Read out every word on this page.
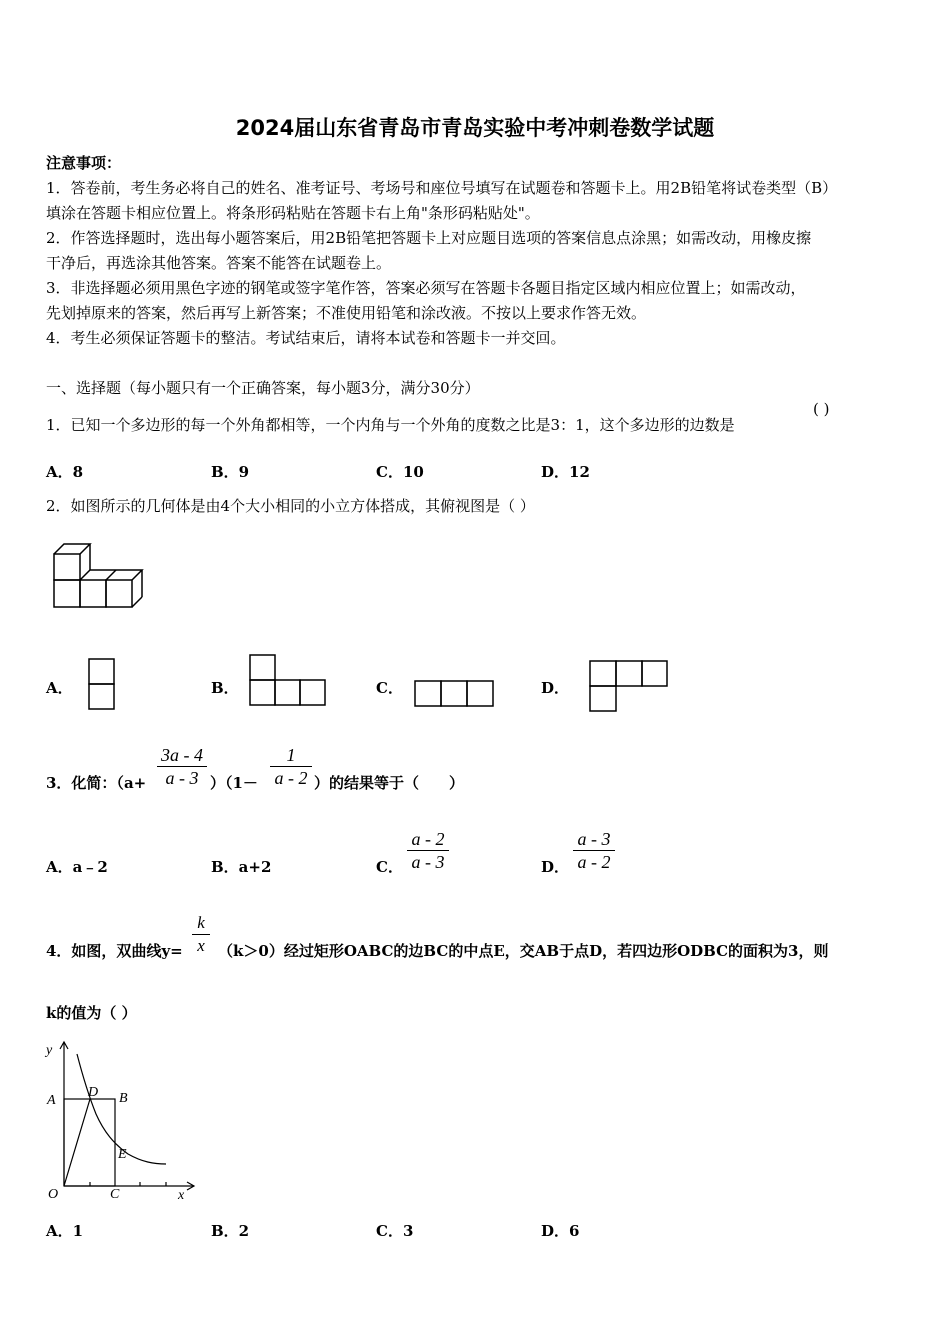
2024届山东省青岛市青岛实验中考冲刺卷数学试题
注意事项：
1．答卷前，考生务必将自己的姓名、准考证号、考场号和座位号填写在试题卷和答题卡上。用2B铅笔将试卷类型（B）
填涂在答题卡相应位置上。将条形码粘贴在答题卡右上角"条形码粘贴处"。
2．作答选择题时，选出每小题答案后，用2B铅笔把答题卡上对应题目选项的答案信息点涂黑；如需改动，用橡皮擦
干净后，再选涂其他答案。答案不能答在试题卷上。
3．非选择题必须用黑色字迹的钢笔或签字笔作答，答案必须写在答题卡各题目指定区域内相应位置上；如需改动，
先划掉原来的答案，然后再写上新答案；不准使用铅笔和涂改液。不按以上要求作答无效。
4．考生必须保证答题卡的整洁。考试结束后，请将本试卷和答题卡一并交回。
一、选择题（每小题只有一个正确答案，每小题3分，满分30分）
1．已知一个多边形的每一个外角都相等，一个内角与一个外角的度数之比是3：1，这个多边形的边数是
( )
A．8	B．9	C．10	D．12
2．如图所示的几何体是由4个大小相同的小立方体搭成，其俯视图是（ ）
A．	B．	C．	D．
3．化简：（a+
3a - 4
a - 3 ）（1－
1
a - 2 ）的结果等于（　　）
A．a﹣2	B．a+2	C．
a - 2
a - 3	D．
a - 3
a - 2
4．如图，双曲线y=
k
x （k＞0）经过矩形OABC的边BC的中点E，交AB于点D，若四边形ODBC的面积为3，则
k的值为（ ）
y
x
A	B
D
E
O	C
A．1	B．2	C．3	D．6
